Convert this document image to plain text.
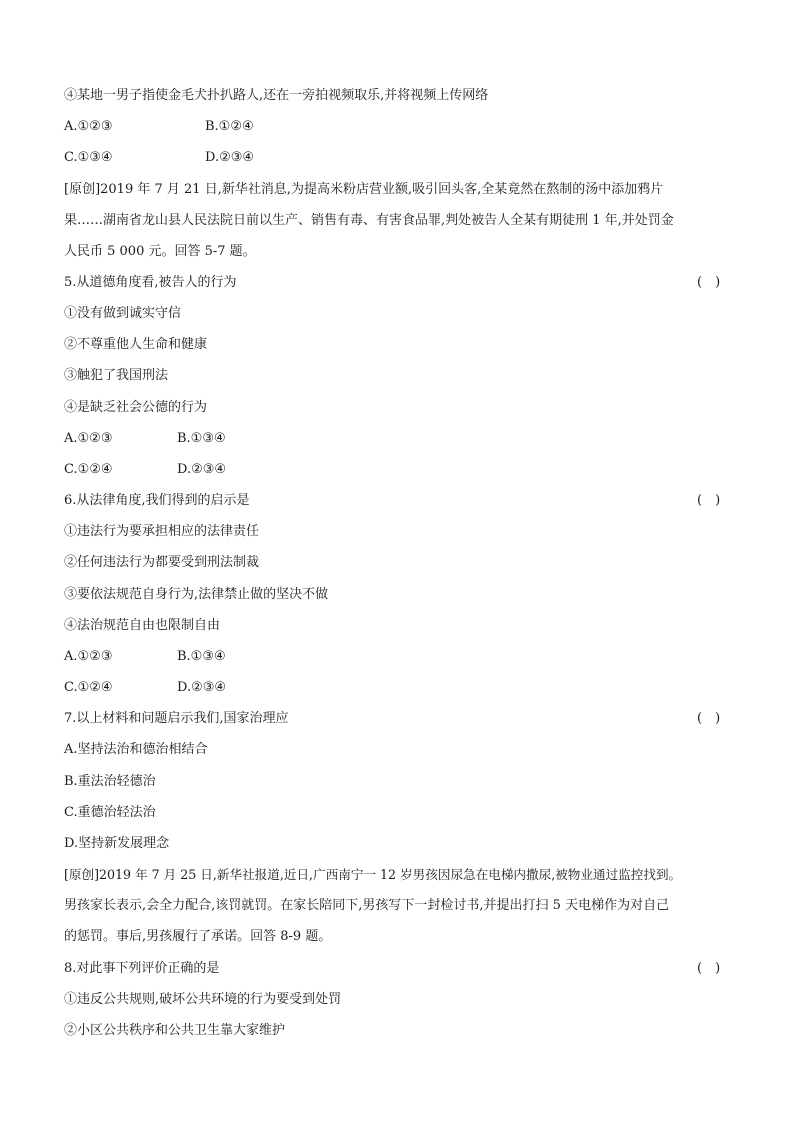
④某地一男子指使金毛犬扑扒路人,还在一旁拍视频取乐,并将视频上传网络
A.①②③	B.①②④
C.①③④	D.②③④
[原创]2019 年 7 月 21 日,新华社消息,为提高米粉店营业额,吸引回头客,全某竟然在熬制的汤中添加鸦片
果……湖南省龙山县人民法院日前以生产、销售有毒、有害食品罪,判处被告人全某有期徒刑 1 年,并处罚金
人民币 5 000 元。回答 5-7 题。
5.从道德角度看,被告人的行为	(　)
①没有做到诚实守信
②不尊重他人生命和健康
③触犯了我国刑法
④是缺乏社会公德的行为
A.①②③	B.①③④
C.①②④	D.②③④
6.从法律角度,我们得到的启示是	(　)
①违法行为要承担相应的法律责任
②任何违法行为都要受到刑法制裁
③要依法规范自身行为,法律禁止做的坚决不做
④法治规范自由也限制自由
A.①②③	B.①③④
C.①②④	D.②③④
7.以上材料和问题启示我们,国家治理应	(　)
A.坚持法治和德治相结合
B.重法治轻德治
C.重德治轻法治
D.坚持新发展理念
[原创]2019 年 7 月 25 日,新华社报道,近日,广西南宁一 12 岁男孩因尿急在电梯内撒尿,被物业通过监控找到。
男孩家长表示,会全力配合,该罚就罚。在家长陪同下,男孩写下一封检讨书,并提出打扫 5 天电梯作为对自己
的惩罚。事后,男孩履行了承诺。回答 8-9 题。
8.对此事下列评价正确的是	(　)
①违反公共规则,破坏公共环境的行为要受到处罚
②小区公共秩序和公共卫生靠大家维护
